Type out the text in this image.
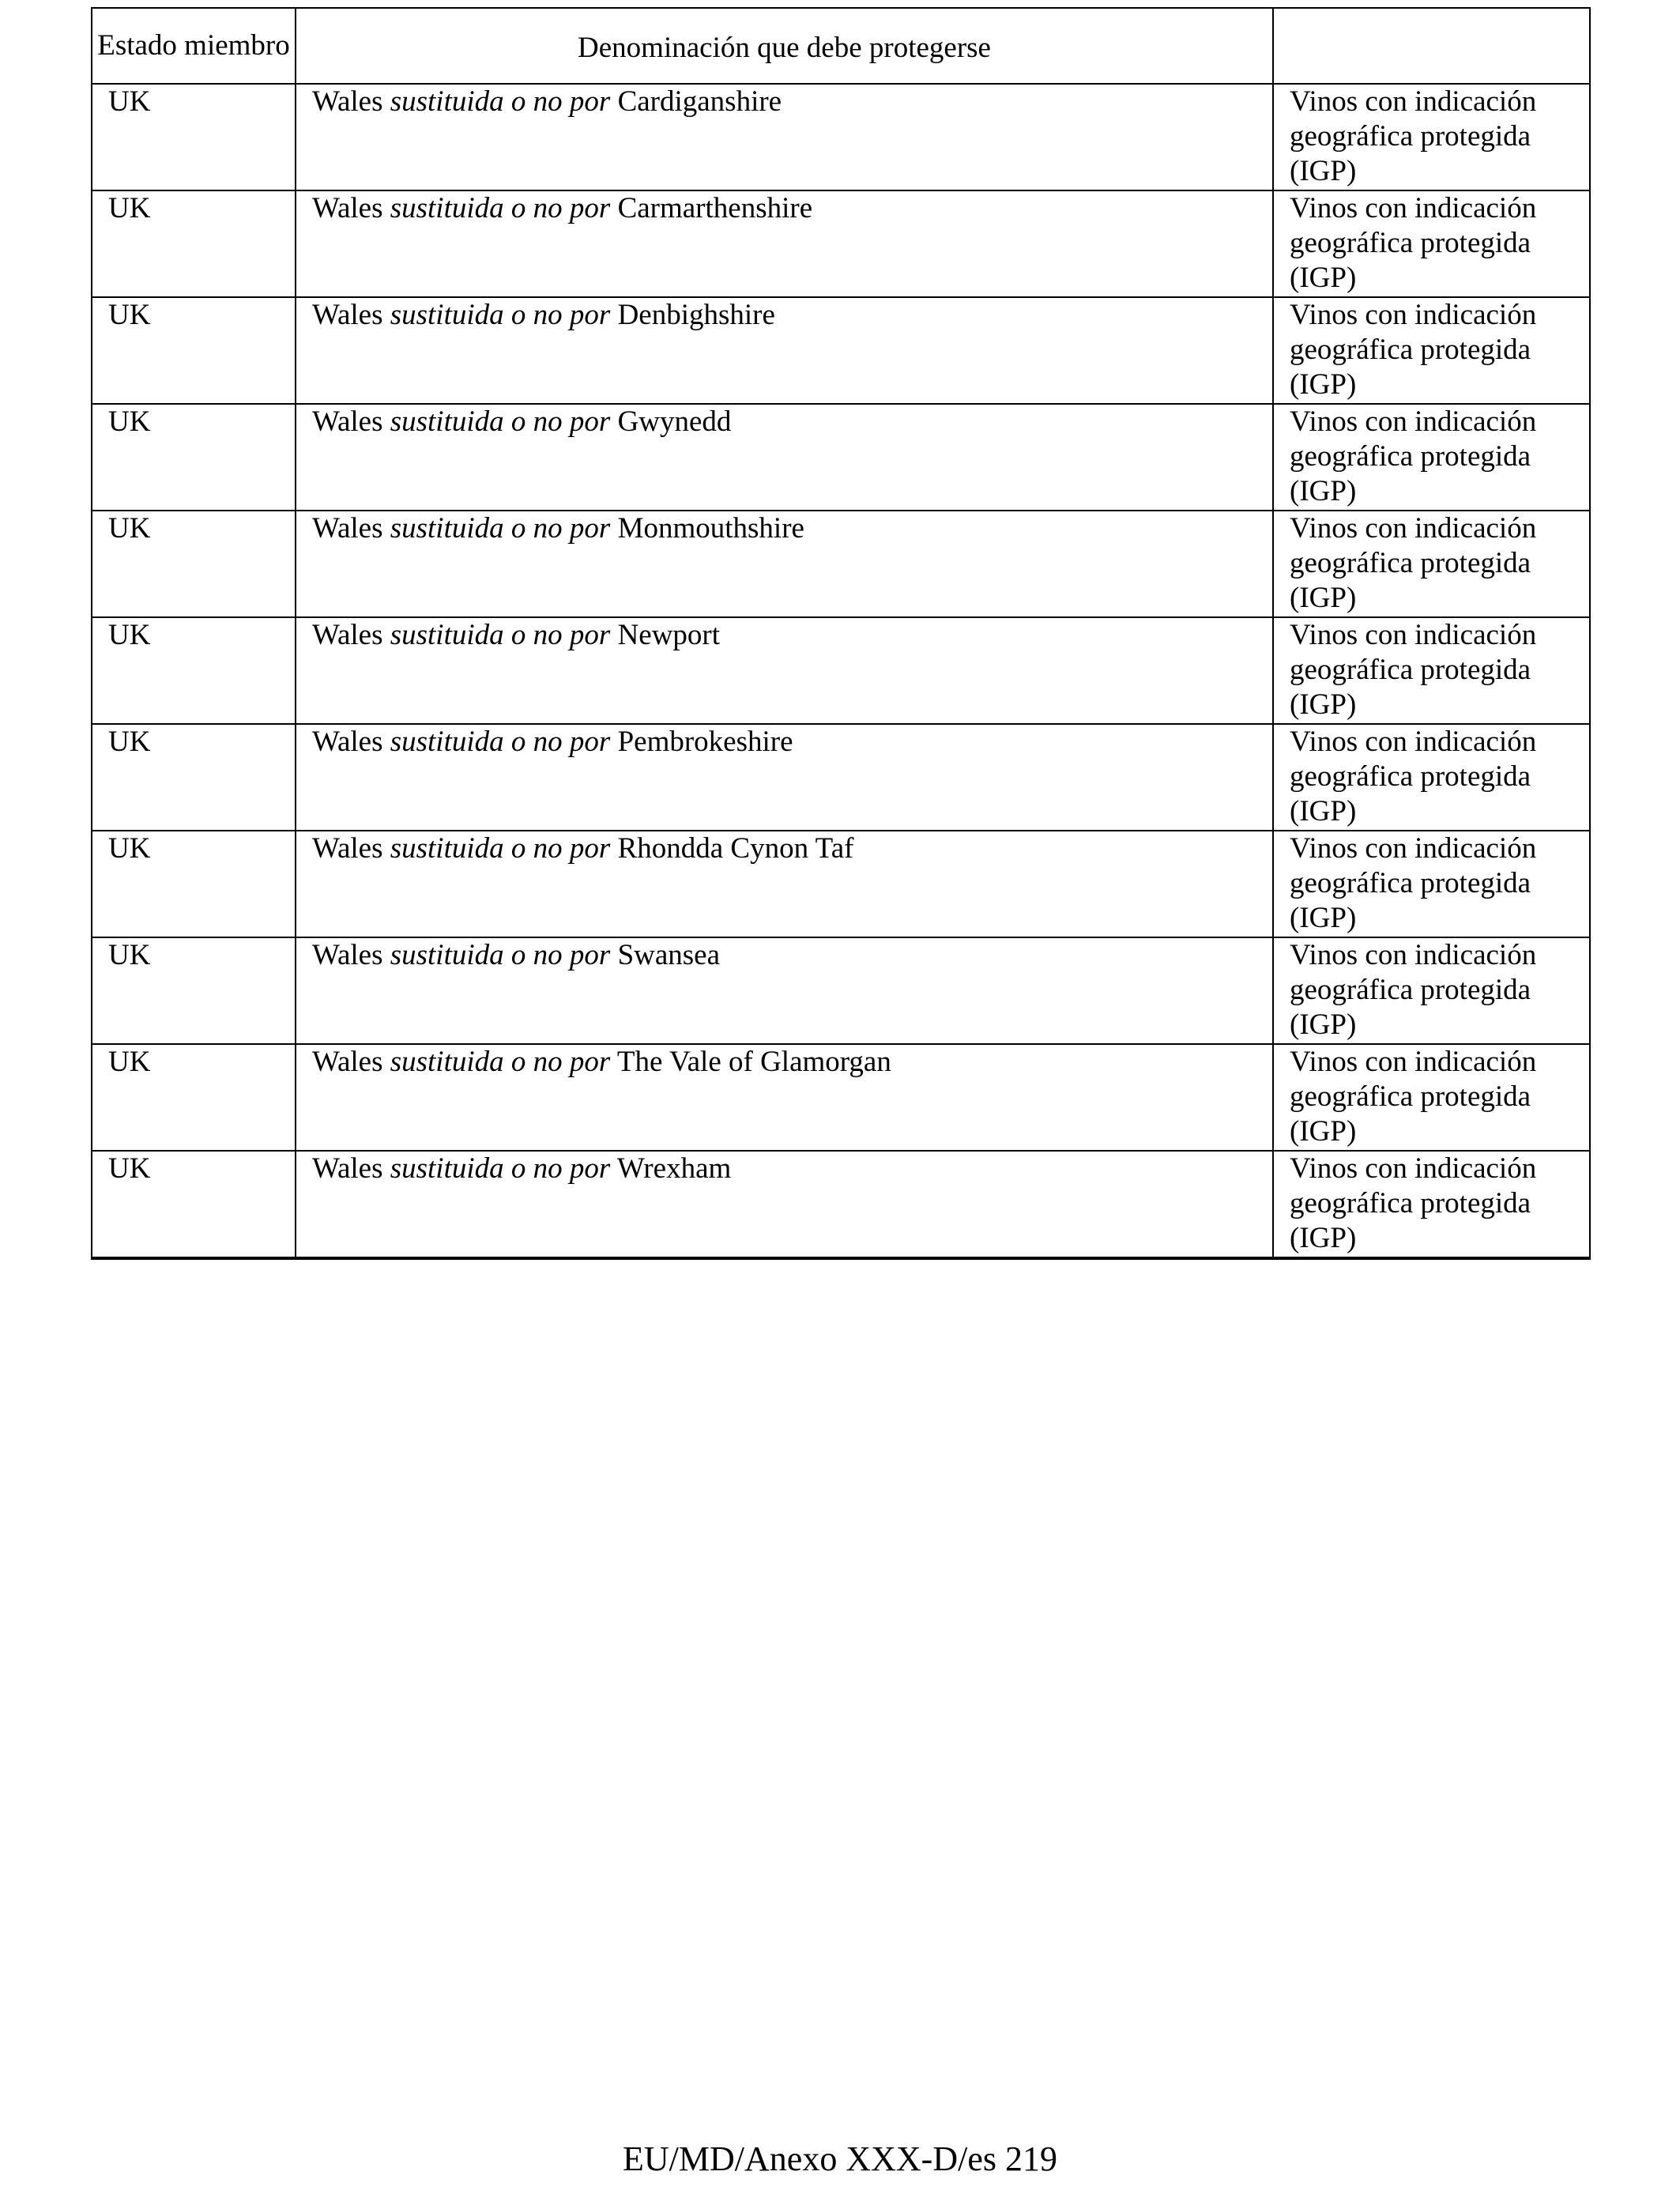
Estado miembro	Denominación que debe protegerse	
UK	Wales sustituida o no por Cardiganshire	Vinos con indicación geográfica protegida (IGP)
UK	Wales sustituida o no por Carmarthenshire	Vinos con indicación geográfica protegida (IGP)
UK	Wales sustituida o no por Denbighshire	Vinos con indicación geográfica protegida (IGP)
UK	Wales sustituida o no por Gwynedd	Vinos con indicación geográfica protegida (IGP)
UK	Wales sustituida o no por Monmouthshire	Vinos con indicación geográfica protegida (IGP)
UK	Wales sustituida o no por Newport	Vinos con indicación geográfica protegida (IGP)
UK	Wales sustituida o no por Pembrokeshire	Vinos con indicación geográfica protegida (IGP)
UK	Wales sustituida o no por Rhondda Cynon Taf	Vinos con indicación geográfica protegida (IGP)
UK	Wales sustituida o no por Swansea	Vinos con indicación geográfica protegida (IGP)
UK	Wales sustituida o no por The Vale of Glamorgan	Vinos con indicación geográfica protegida (IGP)
UK	Wales sustituida o no por Wrexham	Vinos con indicación geográfica protegida (IGP)
EU/MD/Anexo XXX-D/es 219
